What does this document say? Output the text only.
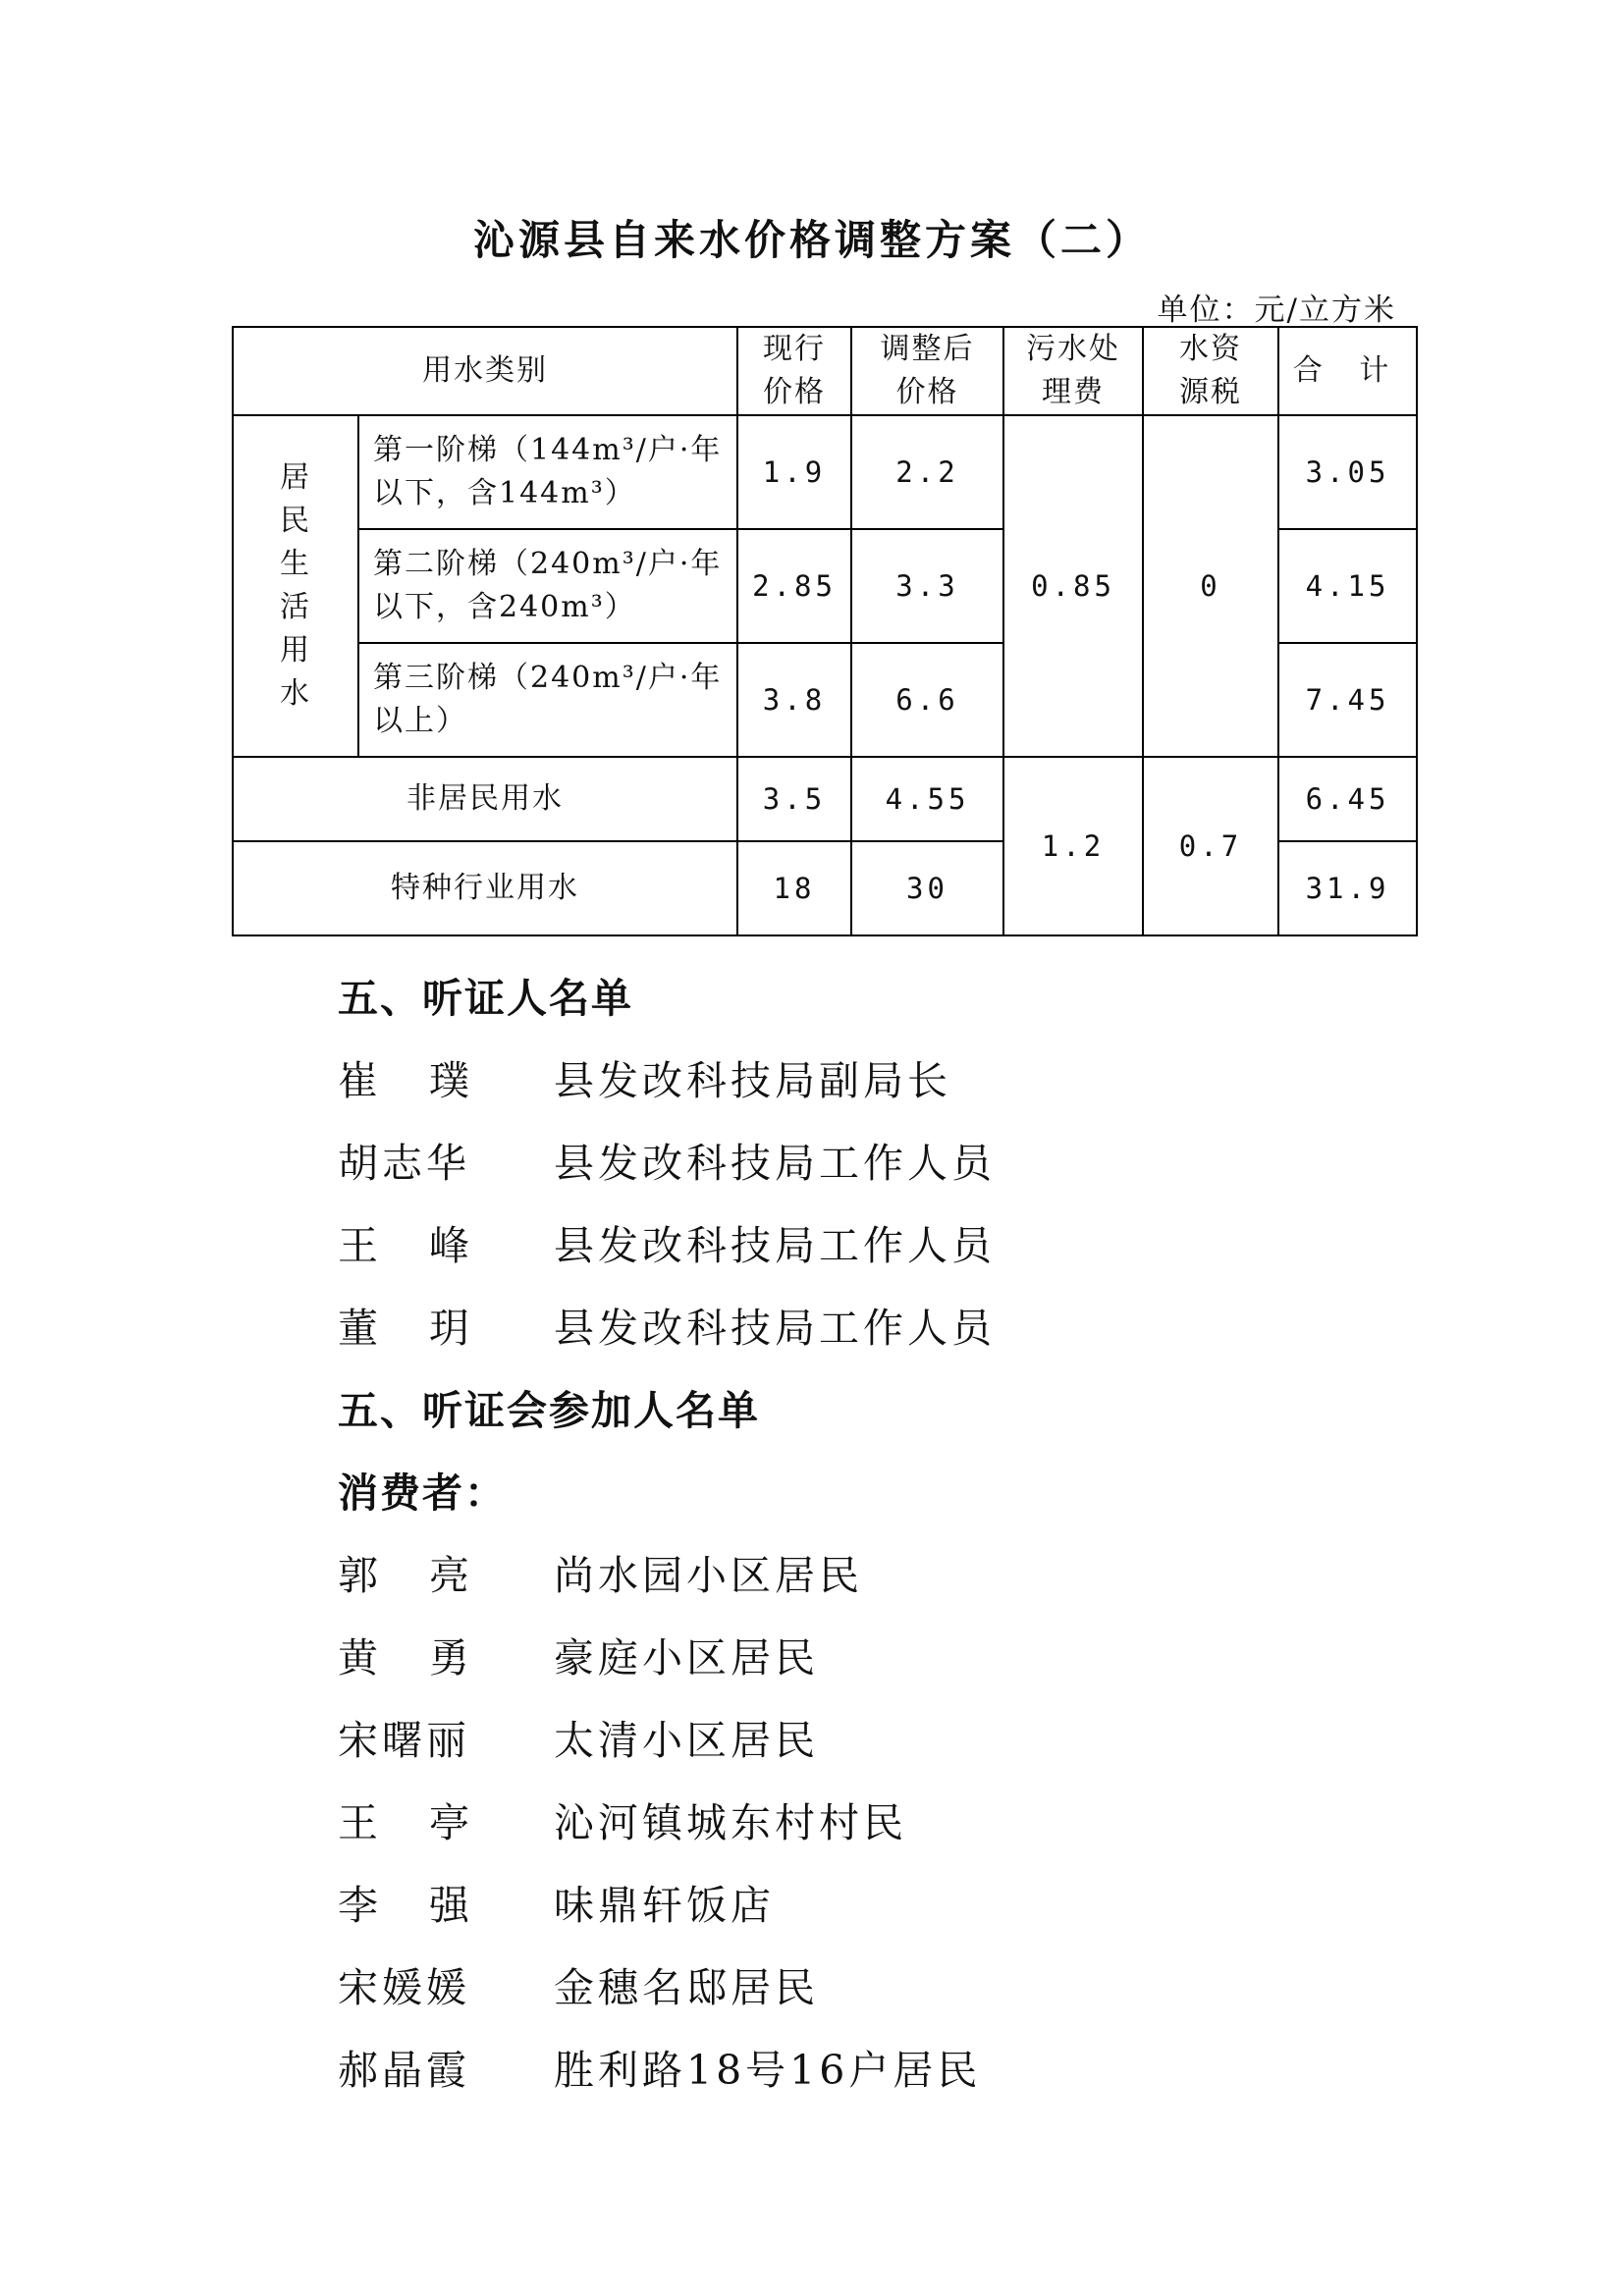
沁源县自来水价格调整方案（二）
单位：元/立方米
用水类别		现行价格	调整后价格	污水处理费	水资源税	合 计

居民生活用水	第一阶梯（144m³/户·年以下，含144m³）	1.9	2.2	0.85	0	3.05
	第二阶梯（240m³/户·年以下，含240m³）	2.85	3.3			4.15
	第三阶梯（240m³/户·年以上）	3.8	6.6			7.45
非居民用水		3.5	4.55	1.2	0.7	6.45
特种行业用水		18	30			31.9
五、听证人名单
崔璞 县发改科技局副局长
胡志华 县发改科技局工作人员
王峰 县发改科技局工作人员
董玥 县发改科技局工作人员
五、听证会参加人名单
消费者：
郭亮 尚水园小区居民
黄勇 豪庭小区居民
宋曙丽 太清小区居民
王亭 沁河镇城东村村民
李强 味鼎轩饭店
宋媛媛 金穗名邸居民
郝晶霞 胜利路18号16户居民
